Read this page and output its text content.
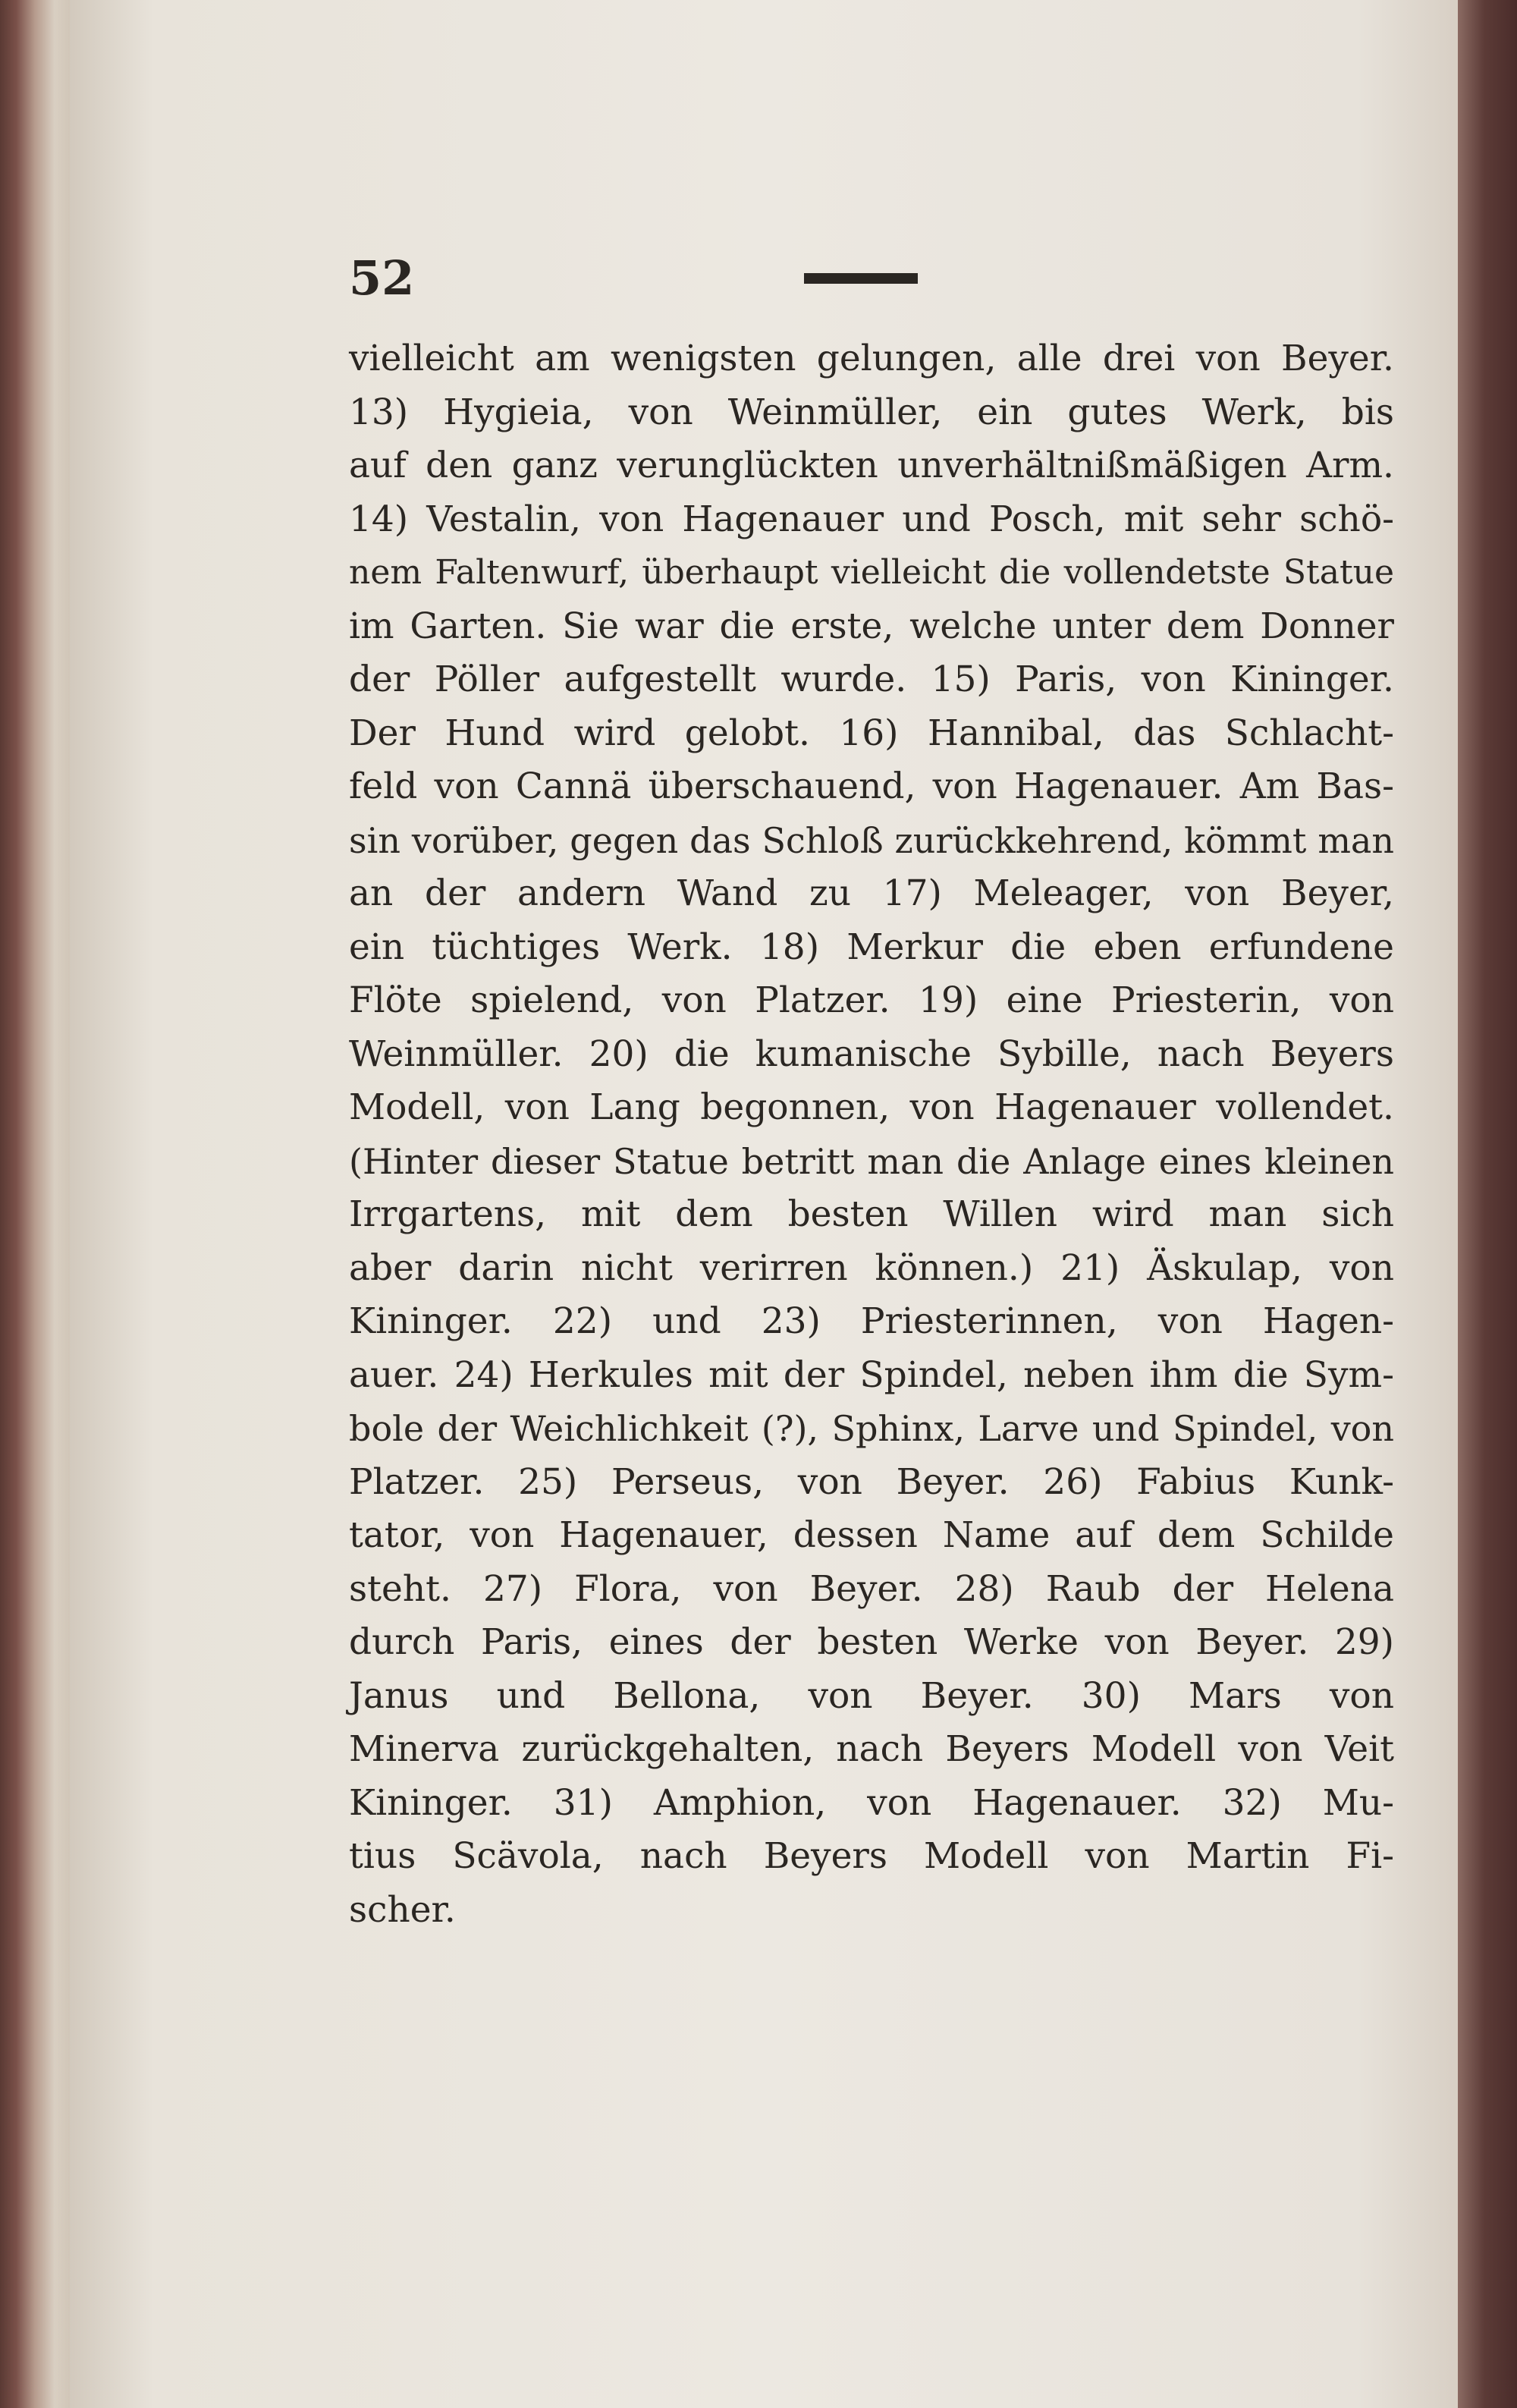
52
vielleicht am wenigsten gelungen, alle drei von Beyer.
13) Hygieia, von Weinmüller, ein gutes Werk, bis
auf den ganz verunglückten unverhältnißmäßigen Arm.
14) Vestalin, von Hagenauer und Posch, mit sehr schö-
nem Faltenwurf, überhaupt vielleicht die vollendetste Statue
im Garten. Sie war die erste, welche unter dem Donner
der Pöller aufgestellt wurde. 15) Paris, von Kininger.
Der Hund wird gelobt. 16) Hannibal, das Schlacht-
feld von Cannä überschauend, von Hagenauer. Am Bas-
sin vorüber, gegen das Schloß zurückkehrend, kömmt man
an der andern Wand zu 17) Meleager, von Beyer,
ein tüchtiges Werk. 18) Merkur die eben erfundene
Flöte spielend, von Platzer. 19) eine Priesterin, von
Weinmüller. 20) die kumanische Sybille, nach Beyers
Modell, von Lang begonnen, von Hagenauer vollendet.
(Hinter dieser Statue betritt man die Anlage eines kleinen
Irrgartens, mit dem besten Willen wird man sich
aber darin nicht verirren können.) 21) Äskulap, von
Kininger. 22) und 23) Priesterinnen, von Hagen-
auer. 24) Herkules mit der Spindel, neben ihm die Sym-
bole der Weichlichkeit (?), Sphinx, Larve und Spindel, von
Platzer. 25) Perseus, von Beyer. 26) Fabius Kunk-
tator, von Hagenauer, dessen Name auf dem Schilde
steht. 27) Flora, von Beyer. 28) Raub der Helena
durch Paris, eines der besten Werke von Beyer. 29)
Janus und Bellona, von Beyer. 30) Mars von
Minerva zurückgehalten, nach Beyers Modell von Veit
Kininger. 31) Amphion, von Hagenauer. 32) Mu-
tius Scävola, nach Beyers Modell von Martin Fi-
scher.
